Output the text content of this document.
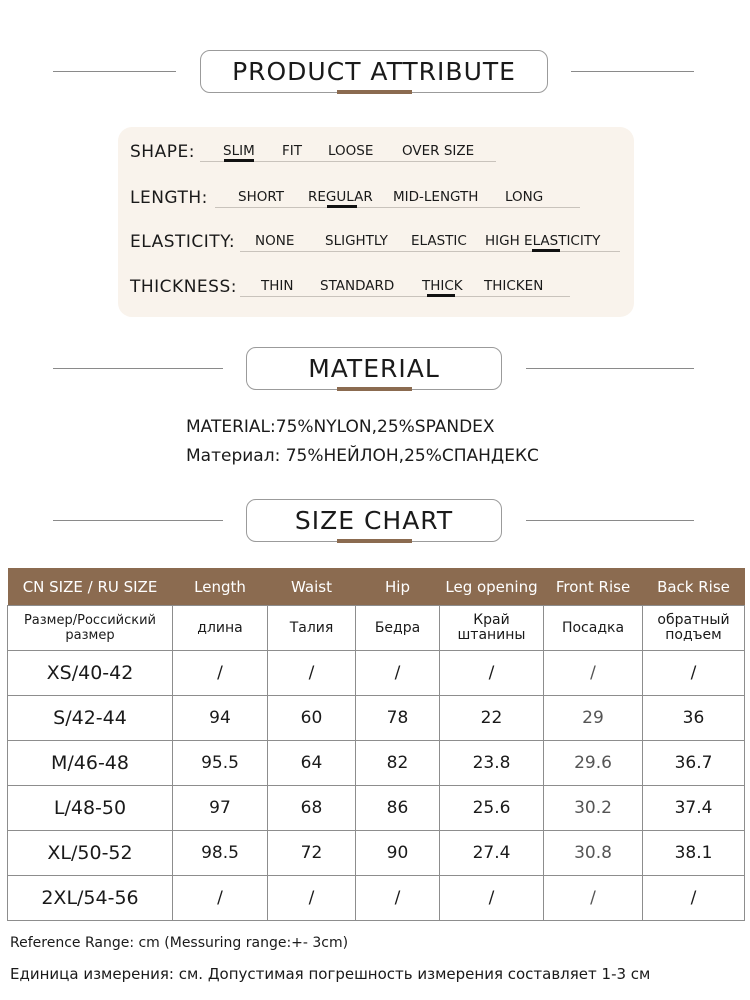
PRODUCT ATTRIBUTE
SHAPE: SLIM FIT LOOSE OVER SIZE
LENGTH: SHORT REGULAR MID-LENGTH LONG
ELASTICITY: NONE SLIGHTLY ELASTIC HIGH ELASTICITY
THICKNESS: THIN STANDARD THICK THICKEN
MATERIAL
MATERIAL:75%NYLON,25%SPANDEX
Материал: 75%НЕЙЛОН,25%СПАНДЕКС
SIZE CHART
CN SIZE / RU SIZE	Length	Waist	Hip	Leg opening	Front Rise	Back Rise
Размер/Российский размер	длина	Талия	Бедра	Край штанины	Посадка	обратный подъем
XS/40-42	/	/	/	/	/	/
S/42-44	94	60	78	22	29	36
M/46-48	95.5	64	82	23.8	29.6	36.7
L/48-50	97	68	86	25.6	30.2	37.4
XL/50-52	98.5	72	90	27.4	30.8	38.1
2XL/54-56	/	/	/	/	/	/
Reference Range: cm (Messuring range:+- 3cm)
Единица измерения: см. Допустимая погрешность измерения составляет 1-3 см
